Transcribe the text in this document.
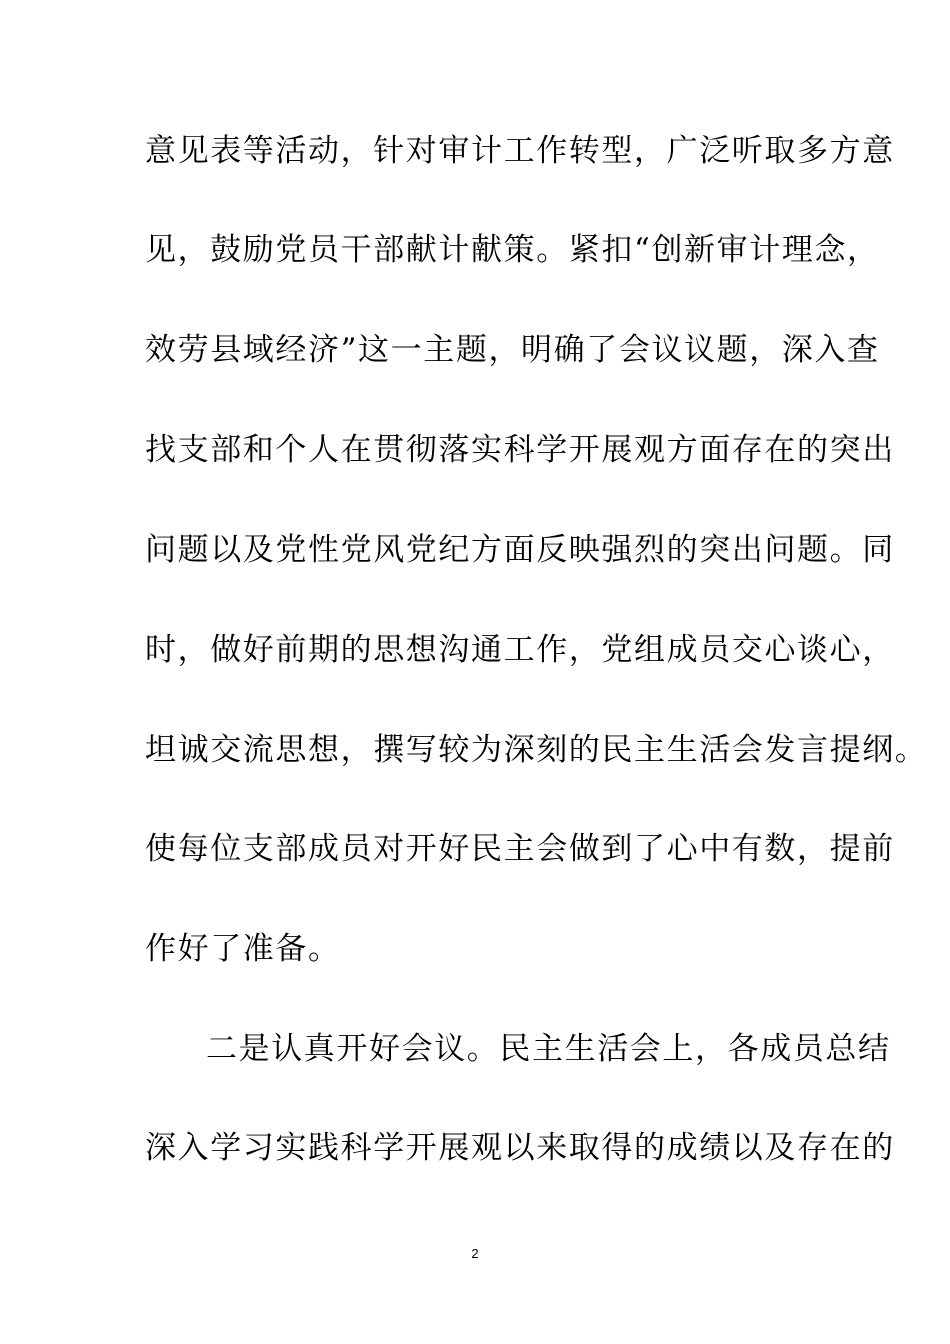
意见表等活动，针对审计工作转型，广泛听取多方意
见，鼓励党员干部献计献策。紧扣“创新审计理念，
效劳县域经济”这一主题，明确了会议议题，深入查
找支部和个人在贯彻落实科学开展观方面存在的突出
问题以及党性党风党纪方面反映强烈的突出问题。同
时，做好前期的思想沟通工作，党组成员交心谈心，
坦诚交流思想，撰写较为深刻的民主生活会发言提纲。
使每位支部成员对开好民主会做到了心中有数，提前
作好了准备。
二是认真开好会议。民主生活会上，各成员总结
深入学习实践科学开展观以来取得的成绩以及存在的
2
